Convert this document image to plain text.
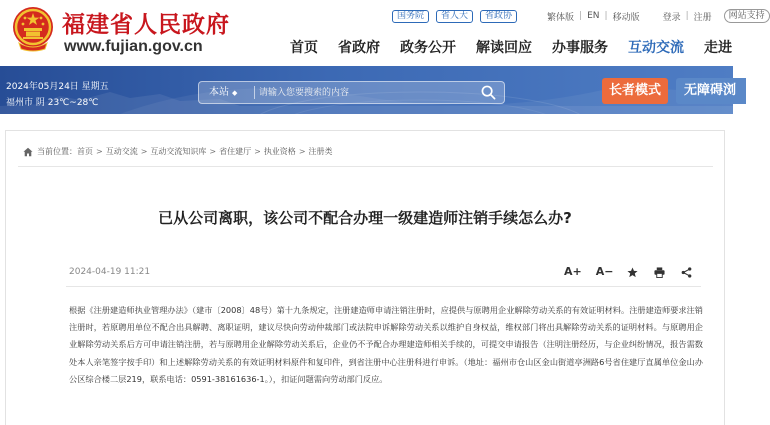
福建省人民政府
www.fujian.gov.cn
国务院	省人大	省政协	繁体版 | EN | 移动版	登录 | 注册	网站支持
首页 省政府 政务公开 解读回应 办事服务 互动交流 走进
2024年05月24日 星期五
福州市 阴 23℃~28℃
本站 ◆
请输入您要搜索的内容	长者模式	无障碍浏
当前位置： 首页 > 互动交流 > 互动交流知识库 > 省住建厅 > 执业资格 > 注册类
已从公司离职，该公司不配合办理一级建造师注销手续怎么办?
2024-04-19 11:21	A+ A−
根据《注册建造师执业管理办法》（建市〔2008〕48号）第十九条规定，注册建造师申请注销注册时，应提供与原聘用企业解除劳动关系的有效证明材料。注册建造师要求注销注册时，若原聘用单位不配合出具解聘、离职证明，建议尽快向劳动仲裁部门或法院申诉解除劳动关系以维护自身权益，维权部门将出具解除劳动关系的证明材料。与原聘用企业解除劳动关系后方可申请注销注册，若与原聘用企业解除劳动关系后，企业仍不予配合办理建造师相关手续的，可提交申请报告（注明注册经历，与企业纠纷情况，报告需数处本人亲笔签字按手印）和上述解除劳动关系的有效证明材料原件和复印件，到省注册中心注册科进行申诉。（地址：福州市仓山区金山街道亭洲路6号省住建厅直属单位金山办公区综合楼二层219，联系电话：0591-38161636-1。），扣证问题需向劳动部门反应。
